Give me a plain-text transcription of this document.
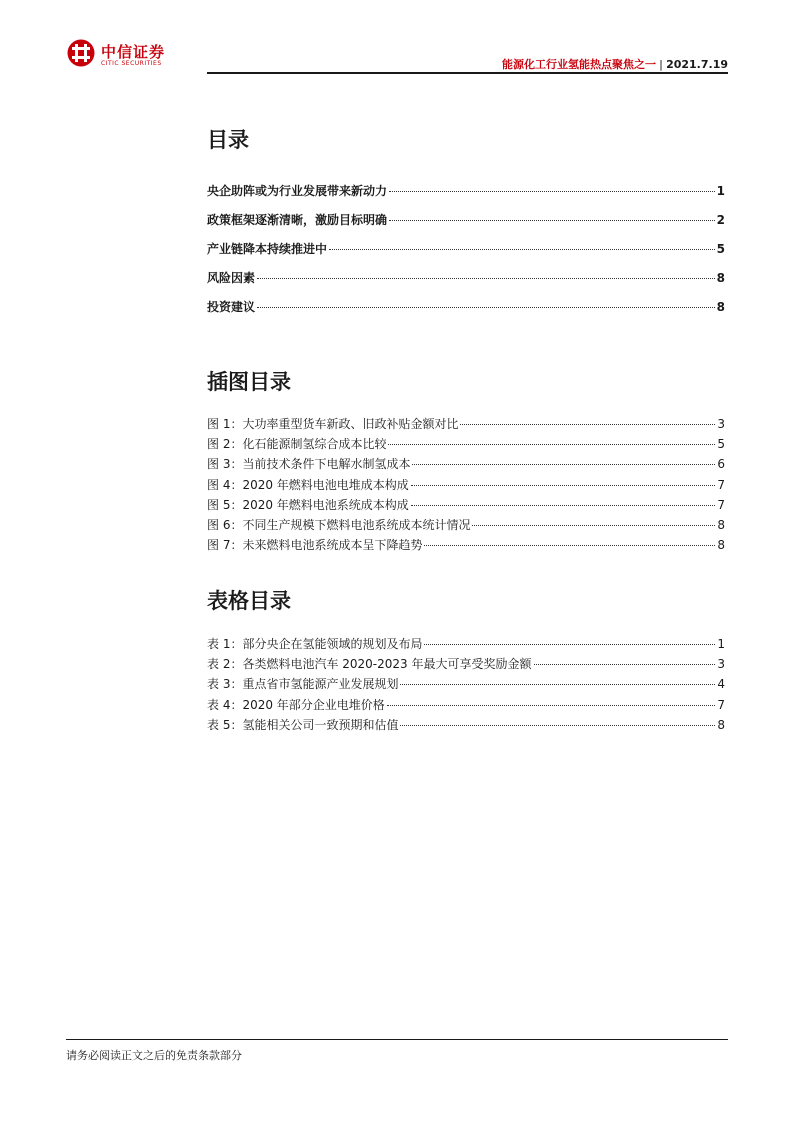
中信证券
CITIC SECURITIES	能源化工行业氢能热点聚焦之一 | 2021.7.19
目录
央企助阵或为行业发展带来新动力	1
政策框架逐渐清晰，激励目标明确	2
产业链降本持续推进中	5
风险因素	8
投资建议	8
插图目录
图 1：大功率重型货车新政、旧政补贴金额对比	3
图 2：化石能源制氢综合成本比较	5
图 3：当前技术条件下电解水制氢成本	6
图 4：2020 年燃料电池电堆成本构成	7
图 5：2020 年燃料电池系统成本构成	7
图 6：不同生产规模下燃料电池系统成本统计情况	8
图 7：未来燃料电池系统成本呈下降趋势	8
表格目录
表 1：部分央企在氢能领域的规划及布局	1
表 2：各类燃料电池汽车 2020-2023 年最大可享受奖励金额	3
表 3：重点省市氢能源产业发展规划	4
表 4：2020 年部分企业电堆价格	7
表 5：氢能相关公司一致预期和估值	8
请务必阅读正文之后的免责条款部分
